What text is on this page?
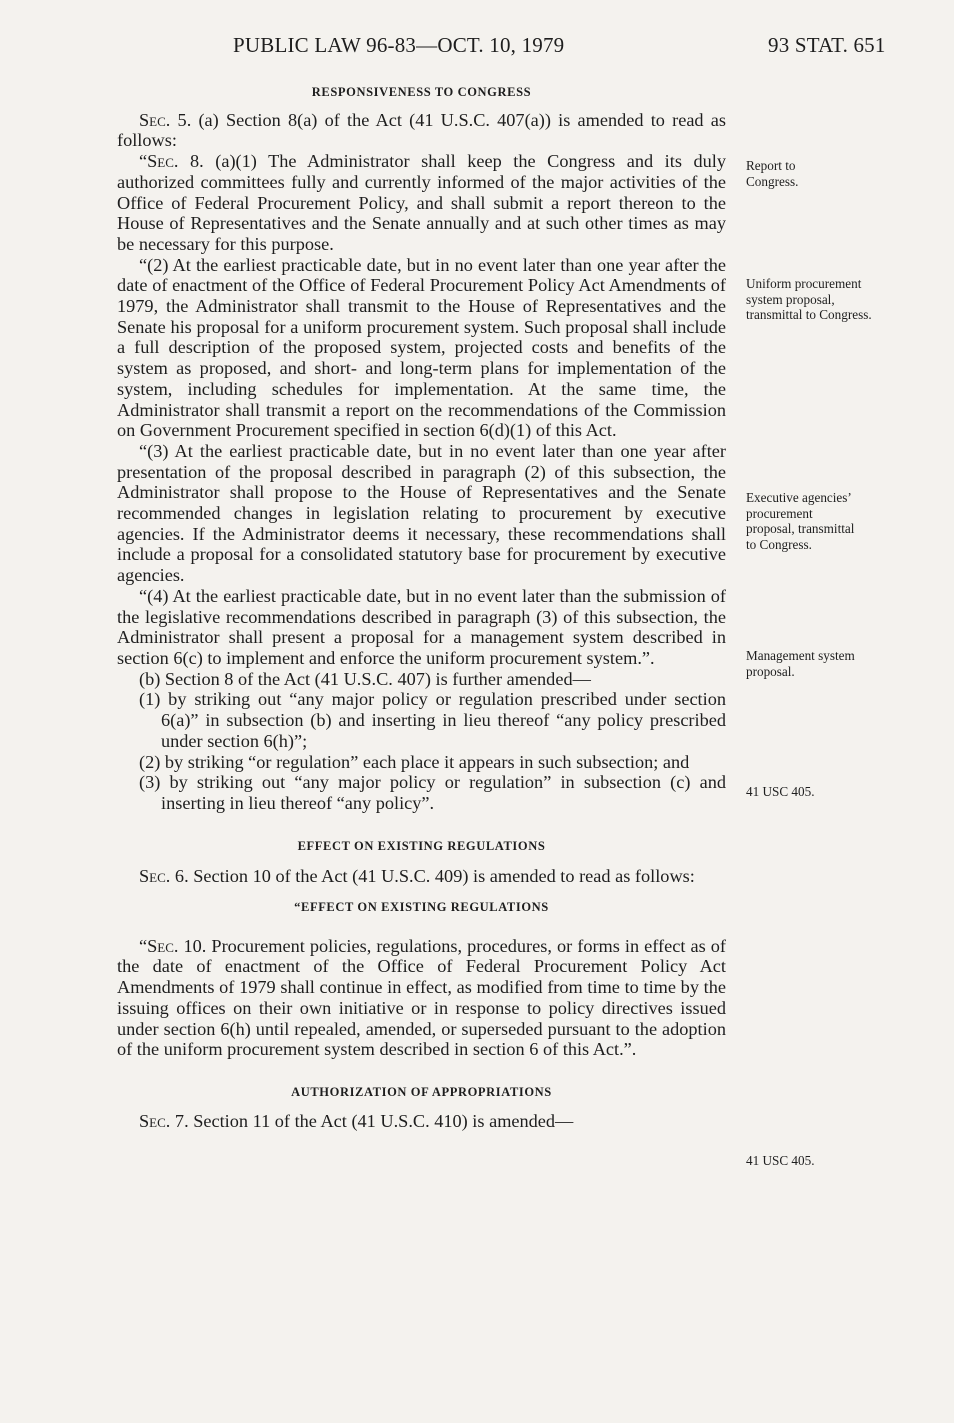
PUBLIC LAW 96-83—OCT. 10, 1979	93 STAT. 651

RESPONSIVENESS TO CONGRESS

Sec. 5. (a) Section 8(a) of the Act (41 U.S.C. 407(a)) is amended to read as follows:

“Sec. 8. (a)(1) The Administrator shall keep the Congress and its duly authorized committees fully and currently informed of the major activities of the Office of Federal Procurement Policy, and shall submit a report thereon to the House of Representatives and the Senate annually and at such other times as may be necessary for this purpose.

“(2) At the earliest practicable date, but in no event later than one year after the date of enactment of the Office of Federal Procurement Policy Act Amendments of 1979, the Administrator shall transmit to the House of Representatives and the Senate his proposal for a uniform procurement system. Such proposal shall include a full description of the proposed system, projected costs and benefits of the system as proposed, and short- and long-term plans for implementation of the system, including schedules for implementation. At the same time, the Administrator shall transmit a report on the recommendations of the Commission on Government Procurement specified in section 6(d)(1) of this Act.

“(3) At the earliest practicable date, but in no event later than one year after presentation of the proposal described in paragraph (2) of this subsection, the Administrator shall propose to the House of Representatives and the Senate recommended changes in legislation relating to procurement by executive agencies. If the Administrator deems it necessary, these recommendations shall include a proposal for a consolidated statutory base for procurement by executive agencies.

“(4) At the earliest practicable date, but in no event later than the submission of the legislative recommendations described in paragraph (3) of this subsection, the Administrator shall present a proposal for a management system described in section 6(c) to implement and enforce the uniform procurement system.”.

(b) Section 8 of the Act (41 U.S.C. 407) is further amended—

(1) by striking out “any major policy or regulation prescribed under section 6(a)” in subsection (b) and inserting in lieu thereof “any policy prescribed under section 6(h)”;

(2) by striking “or regulation” each place it appears in such subsection; and

(3) by striking out “any major policy or regulation” in subsection (c) and inserting in lieu thereof “any policy”.

EFFECT ON EXISTING REGULATIONS

Sec. 6. Section 10 of the Act (41 U.S.C. 409) is amended to read as follows:

“EFFECT ON EXISTING REGULATIONS

“Sec. 10. Procurement policies, regulations, procedures, or forms in effect as of the date of enactment of the Office of Federal Procurement Policy Act Amendments of 1979 shall continue in effect, as modified from time to time by the issuing offices on their own initiative or in response to policy directives issued under section 6(h) until repealed, amended, or superseded pursuant to the adoption of the uniform procurement system described in section 6 of this Act.”.

AUTHORIZATION OF APPROPRIATIONS

Sec. 7. Section 11 of the Act (41 U.S.C. 410) is amended—

Report to Congress.
Uniform procurement system proposal, transmittal to Congress.
Executive agencies’ procurement proposal, transmittal to Congress.
Management system proposal.
41 USC 405.
41 USC 405.
